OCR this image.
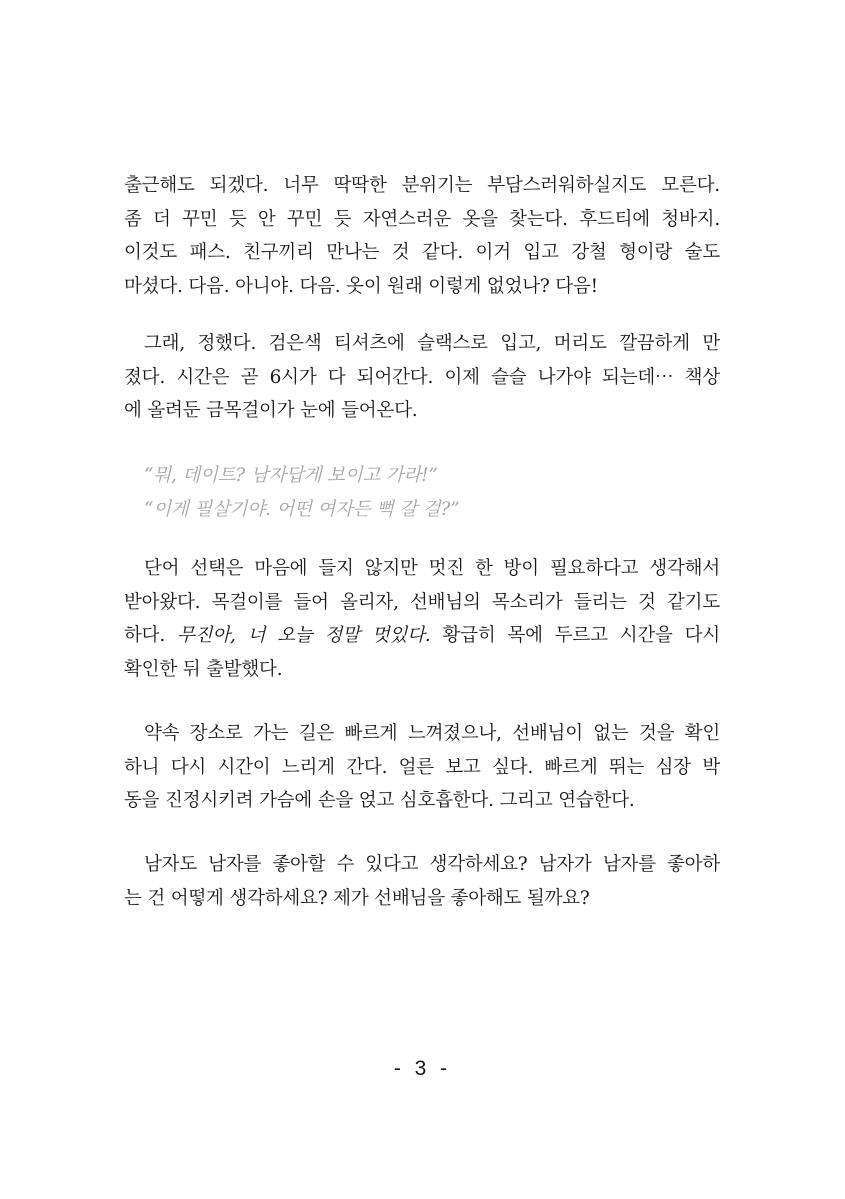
출근해도 되겠다. 너무 딱딱한 분위기는 부담스러워하실지도 모른다.
좀 더 꾸민 듯 안 꾸민 듯 자연스러운 옷을 찾는다. 후드티에 청바지.
이것도 패스. 친구끼리 만나는 것 같다. 이거 입고 강철 형이랑 술도
마셨다. 다음. 아니야. 다음. 옷이 원래 이렇게 없었나? 다음!
그래, 정했다. 검은색 티셔츠에 슬랙스로 입고, 머리도 깔끔하게 만
졌다. 시간은 곧 6시가 다 되어간다. 이제 슬슬 나가야 되는데⋯ 책상
에 올려둔 금목걸이가 눈에 들어온다.
“뭐, 데이트? 남자답게 보이고 가라!”
“이게 필살기야. 어떤 여자든 뻑 갈 걸?”
단어 선택은 마음에 들지 않지만 멋진 한 방이 필요하다고 생각해서
받아왔다. 목걸이를 들어 올리자, 선배님의 목소리가 들리는 것 같기도
하다. 무진아, 너 오늘 정말 멋있다. 황급히 목에 두르고 시간을 다시
확인한 뒤 출발했다.
약속 장소로 가는 길은 빠르게 느껴졌으나, 선배님이 없는 것을 확인
하니 다시 시간이 느리게 간다. 얼른 보고 싶다. 빠르게 뛰는 심장 박
동을 진정시키려 가슴에 손을 얹고 심호흡한다. 그리고 연습한다.
남자도 남자를 좋아할 수 있다고 생각하세요? 남자가 남자를 좋아하
는 건 어떻게 생각하세요? 제가 선배님을 좋아해도 될까요?
- 3 -
